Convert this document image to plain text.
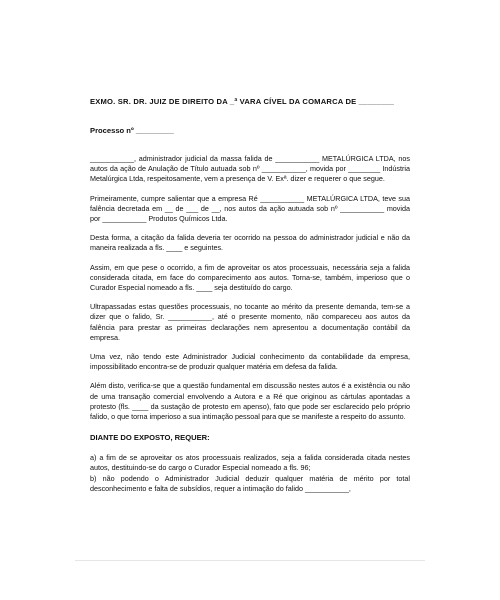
EXMO. SR. DR. JUIZ DE DIREITO DA _ª VARA CÍVEL DA COMARCA DE ________

Processo nº _________

___________, administrador judicial da massa falida de ___________ METALÚRGICA LTDA, nos autos da ação de Anulação de Título autuada sob nº ___________, movida por ________ Indústria Metalúrgica Ltda, respeitosamente, vem a presença de V. Exª. dizer e requerer o que segue.

Primeiramente, cumpre salientar que a empresa Ré ___________ METALÚRGICA LTDA, teve sua falência decretada em __ de ___ de __, nos autos da ação autuada sob nº ___________ movida por ___________ Produtos Químicos Ltda.

Desta forma, a citação da falida deveria ter ocorrido na pessoa do administrador judicial e não da maneira realizada a fls. ____ e seguintes.

Assim, em que pese o ocorrido, a fim de aproveitar os atos processuais, necessária seja a falida considerada citada, em face do comparecimento aos autos. Torna-se, também, imperioso que o Curador Especial nomeado a fls. ____ seja destituído do cargo.

Ultrapassadas estas questões processuais, no tocante ao mérito da presente demanda, tem-se a dizer que o falido, Sr. ___________, até o presente momento, não compareceu aos autos da falência para prestar as primeiras declarações nem apresentou a documentação contábil da empresa.

Uma vez, não tendo este Administrador Judicial conhecimento da contabilidade da empresa, impossibilitado encontra-se de produzir qualquer matéria em defesa da falida.

Além disto, verifica-se que a questão fundamental em discussão nestes autos é a existência ou não de uma transação comercial envolvendo a Autora e a Ré que originou as cártulas apontadas a protesto (fls. ____ da sustação de protesto em apenso), fato que pode ser esclarecido pelo próprio falido, o que torna imperioso a sua intimação pessoal para que se manifeste a respeito do assunto.

DIANTE DO EXPOSTO, REQUER:

a) a fim de se aproveitar os atos processuais realizados, seja a falida considerada citada nestes autos, destituindo-se do cargo o Curador Especial nomeado a fls. 96;

b) não podendo o Administrador Judicial deduzir qualquer matéria de mérito por total desconhecimento e falta de subsídios, requer a intimação do falido ___________,
